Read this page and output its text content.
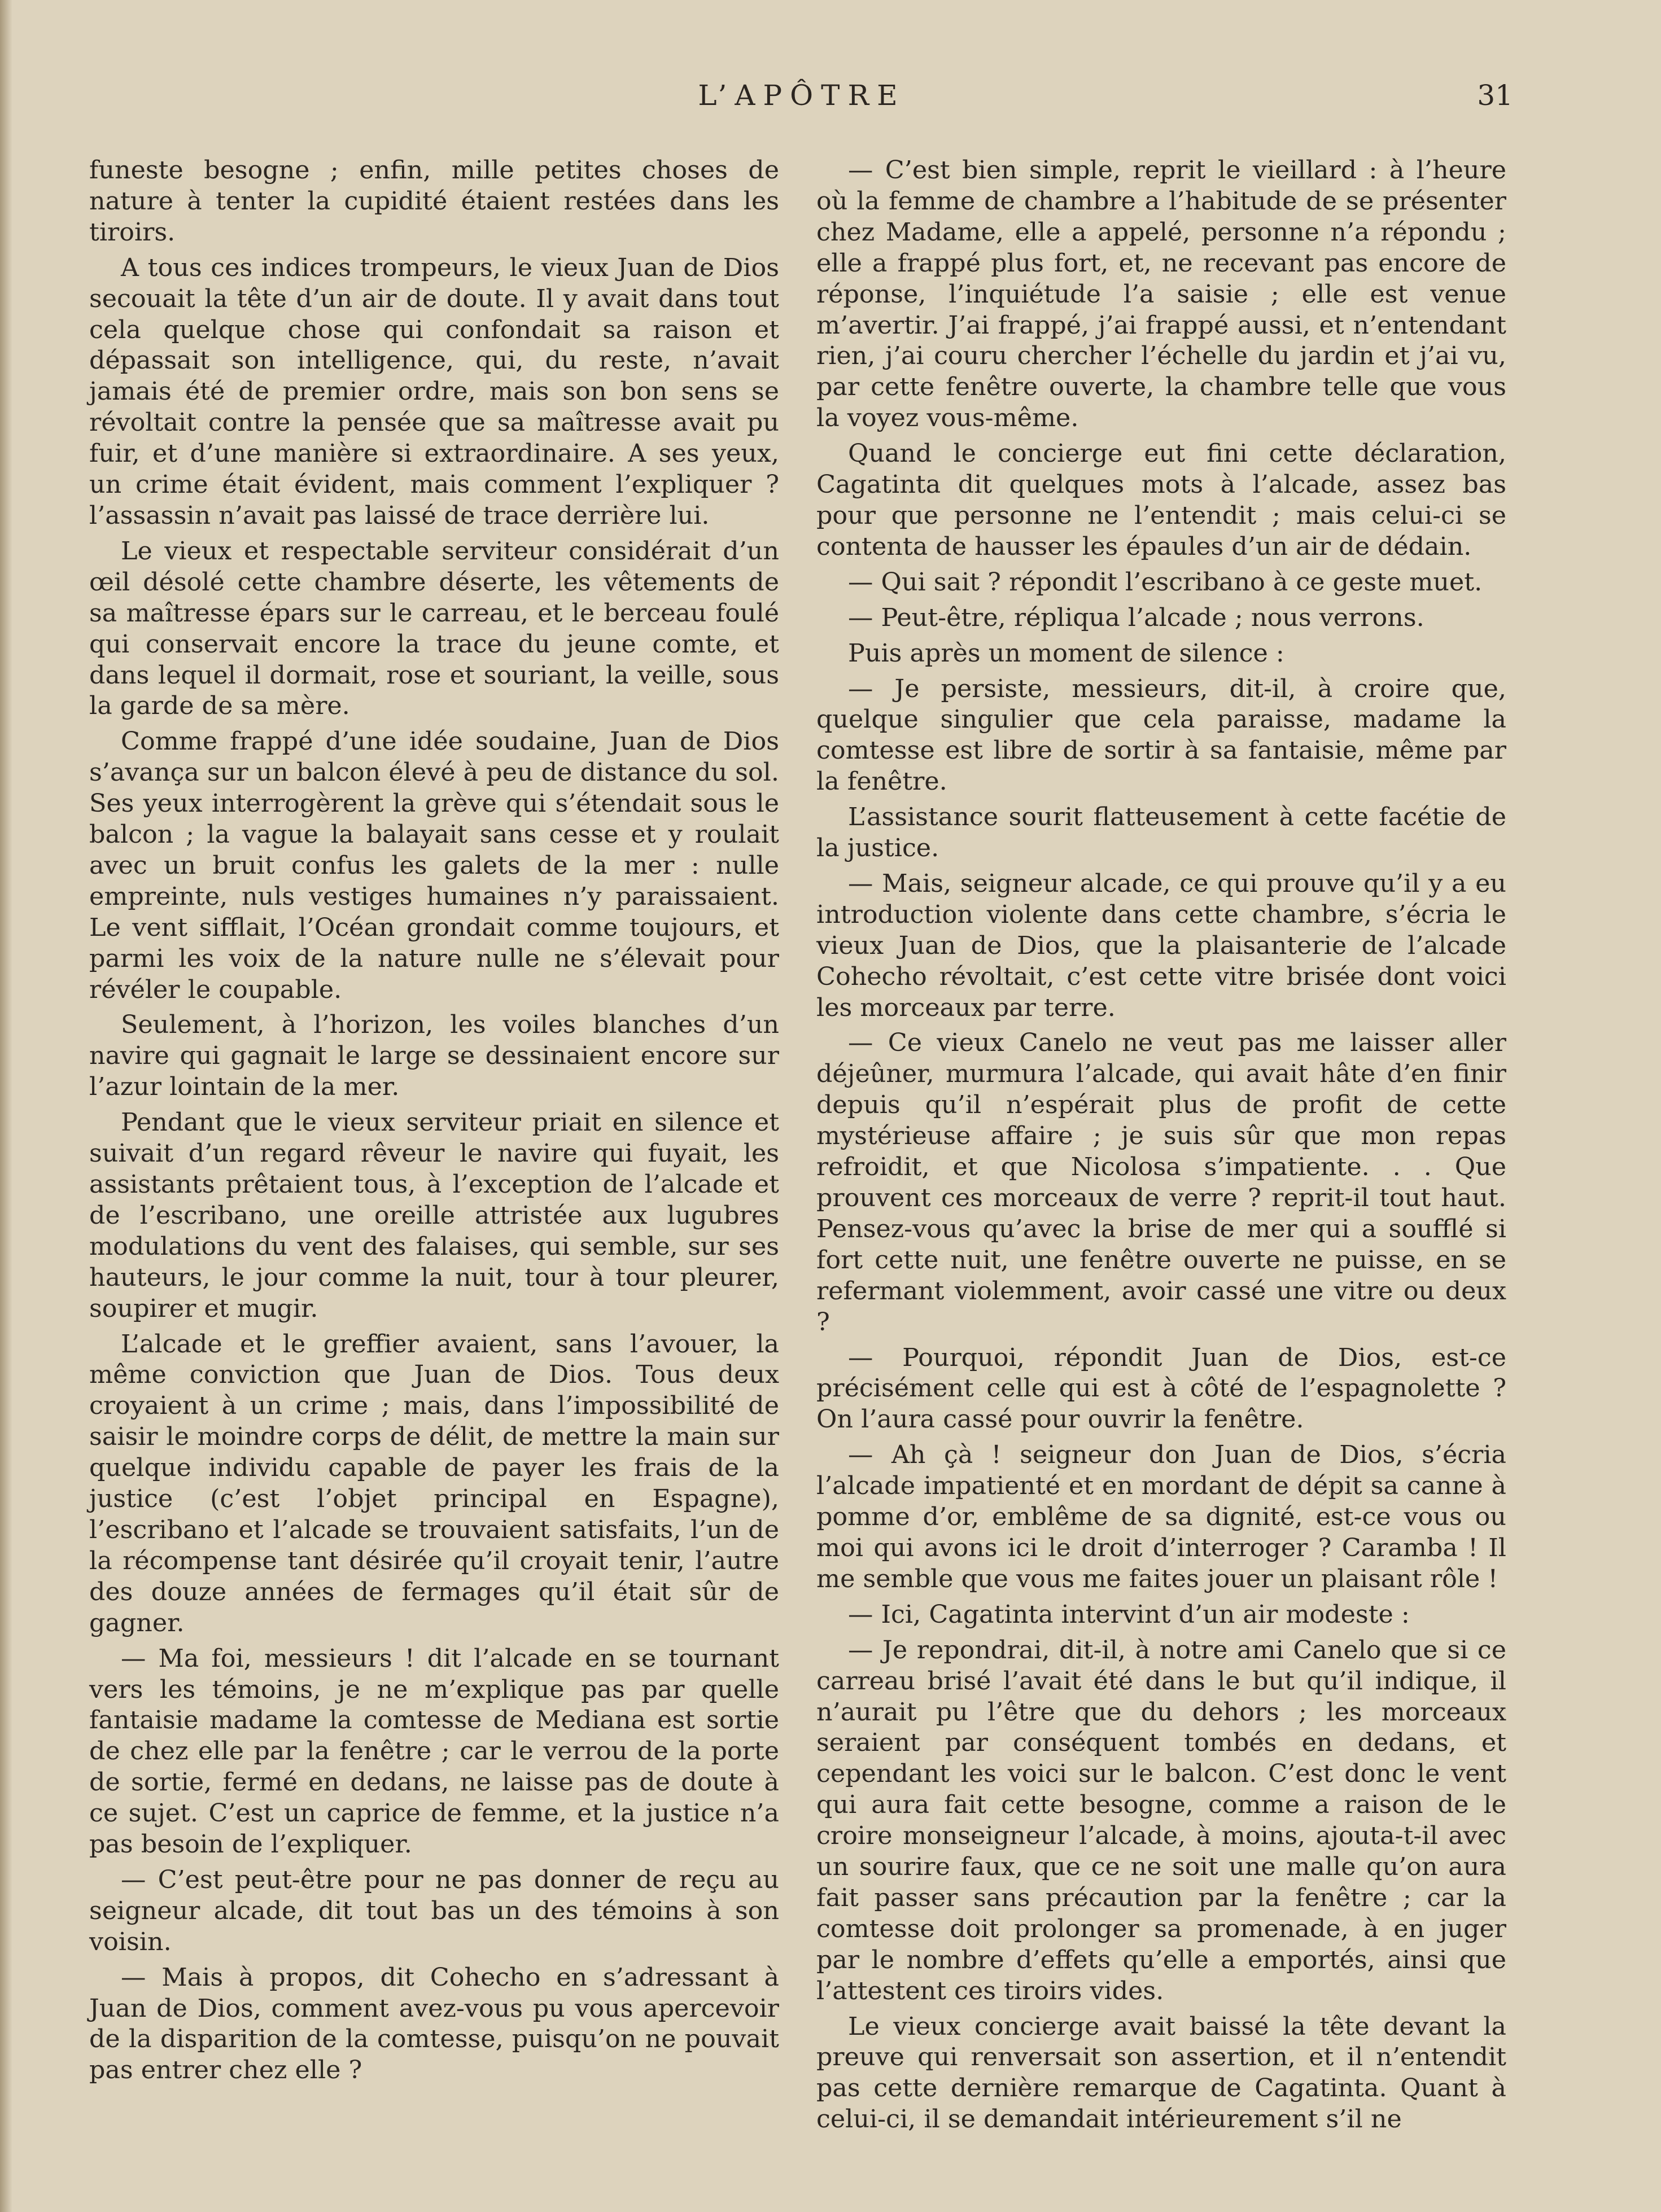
L’APÔTRE	31

funeste besogne ; enfin, mille petites choses de nature à tenter la cupidité étaient restées dans les tiroirs.

A tous ces indices trompeurs, le vieux Juan de Dios secouait la tête d’un air de doute. Il y avait dans tout cela quelque chose qui confondait sa raison et dépassait son intelligence, qui, du reste, n’avait jamais été de premier ordre, mais son bon sens se révoltait contre la pensée que sa maîtresse avait pu fuir, et d’une manière si extraordinaire. A ses yeux, un crime était évident, mais comment l’expliquer ? l’assassin n’avait pas laissé de trace derrière lui.

Le vieux et respectable serviteur considérait d’un œil désolé cette chambre déserte, les vêtements de sa maîtresse épars sur le carreau, et le berceau foulé qui conservait encore la trace du jeune comte, et dans lequel il dormait, rose et souriant, la veille, sous la garde de sa mère.

Comme frappé d’une idée soudaine, Juan de Dios s’avança sur un balcon élevé à peu de distance du sol. Ses yeux interrogèrent la grève qui s’étendait sous le balcon ; la vague la balayait sans cesse et y roulait avec un bruit confus les galets de la mer : nulle empreinte, nuls vestiges humaines n’y paraissaient. Le vent sifflait, l’Océan grondait comme toujours, et parmi les voix de la nature nulle ne s’élevait pour révéler le coupable.

Seulement, à l’horizon, les voiles blanches d’un navire qui gagnait le large se dessinaient encore sur l’azur lointain de la mer.

Pendant que le vieux serviteur priait en silence et suivait d’un regard rêveur le navire qui fuyait, les assistants prêtaient tous, à l’exception de l’alcade et de l’escribano, une oreille attristée aux lugubres modulations du vent des falaises, qui semble, sur ses hauteurs, le jour comme la nuit, tour à tour pleurer, soupirer et mugir.

L’alcade et le greffier avaient, sans l’avouer, la même conviction que Juan de Dios. Tous deux croyaient à un crime ; mais, dans l’impossibilité de saisir le moindre corps de délit, de mettre la main sur quelque individu capable de payer les frais de la justice (c’est l’objet principal en Espagne), l’escribano et l’alcade se trouvaient satisfaits, l’un de la récompense tant désirée qu’il croyait tenir, l’autre des douze années de fermages qu’il était sûr de gagner.

— Ma foi, messieurs ! dit l’alcade en se tournant vers les témoins, je ne m’explique pas par quelle fantaisie madame la comtesse de Mediana est sortie de chez elle par la fenêtre ; car le verrou de la porte de sortie, fermé en dedans, ne laisse pas de doute à ce sujet. C’est un caprice de femme, et la justice n’a pas besoin de l’expliquer.

— C’est peut-être pour ne pas donner de reçu au seigneur alcade, dit tout bas un des témoins à son voisin.

— Mais à propos, dit Cohecho en s’adressant à Juan de Dios, comment avez-vous pu vous apercevoir de la disparition de la comtesse, puisqu’on ne pouvait pas entrer chez elle ?

— C’est bien simple, reprit le vieillard : à l’heure où la femme de chambre a l’habitude de se présenter chez Madame, elle a appelé, personne n’a répondu ; elle a frappé plus fort, et, ne recevant pas encore de réponse, l’inquiétude l’a saisie ; elle est venue m’avertir. J’ai frappé, j’ai frappé aussi, et n’entendant rien, j’ai couru chercher l’échelle du jardin et j’ai vu, par cette fenêtre ouverte, la chambre telle que vous la voyez vous-même.

Quand le concierge eut fini cette déclaration, Cagatinta dit quelques mots à l’alcade, assez bas pour que personne ne l’entendit ; mais celui-ci se contenta de hausser les épaules d’un air de dédain.

— Qui sait ? répondit l’escribano à ce geste muet.

— Peut-être, répliqua l’alcade ; nous verrons.

Puis après un moment de silence :

— Je persiste, messieurs, dit-il, à croire que, quelque singulier que cela paraisse, madame la comtesse est libre de sortir à sa fantaisie, même par la fenêtre.

L’assistance sourit flatteusement à cette facétie de la justice.

— Mais, seigneur alcade, ce qui prouve qu’il y a eu introduction violente dans cette chambre, s’écria le vieux Juan de Dios, que la plaisanterie de l’alcade Cohecho révoltait, c’est cette vitre brisée dont voici les morceaux par terre.

— Ce vieux Canelo ne veut pas me laisser aller déjeûner, murmura l’alcade, qui avait hâte d’en finir depuis qu’il n’espérait plus de profit de cette mystérieuse affaire ; je suis sûr que mon repas refroidit, et que Nicolosa s’impatiente. . . Que prouvent ces morceaux de verre ? reprit-il tout haut. Pensez-vous qu’avec la brise de mer qui a soufflé si fort cette nuit, une fenêtre ouverte ne puisse, en se refermant violemment, avoir cassé une vitre ou deux ?

— Pourquoi, répondit Juan de Dios, est-ce précisément celle qui est à côté de l’espagnolette ? On l’aura cassé pour ouvrir la fenêtre.

— Ah çà ! seigneur don Juan de Dios, s’écria l’alcade impatienté et en mordant de dépit sa canne à pomme d’or, emblême de sa dignité, est-ce vous ou moi qui avons ici le droit d’interroger ? Caramba ! Il me semble que vous me faites jouer un plaisant rôle !

— Ici, Cagatinta intervint d’un air modeste :

— Je repondrai, dit-il, à notre ami Canelo que si ce carreau brisé l’avait été dans le but qu’il indique, il n’aurait pu l’être que du dehors ; les morceaux seraient par conséquent tombés en dedans, et cependant les voici sur le balcon. C’est donc le vent qui aura fait cette besogne, comme a raison de le croire monseigneur l’alcade, à moins, ajouta-t-il avec un sourire faux, que ce ne soit une malle qu’on aura fait passer sans précaution par la fenêtre ; car la comtesse doit prolonger sa promenade, à en juger par le nombre d’effets qu’elle a emportés, ainsi que l’attestent ces tiroirs vides.

Le vieux concierge avait baissé la tête devant la preuve qui renversait son assertion, et il n’entendit pas cette dernière remarque de Cagatinta. Quant à celui-ci, il se demandait intérieurement s’il ne
